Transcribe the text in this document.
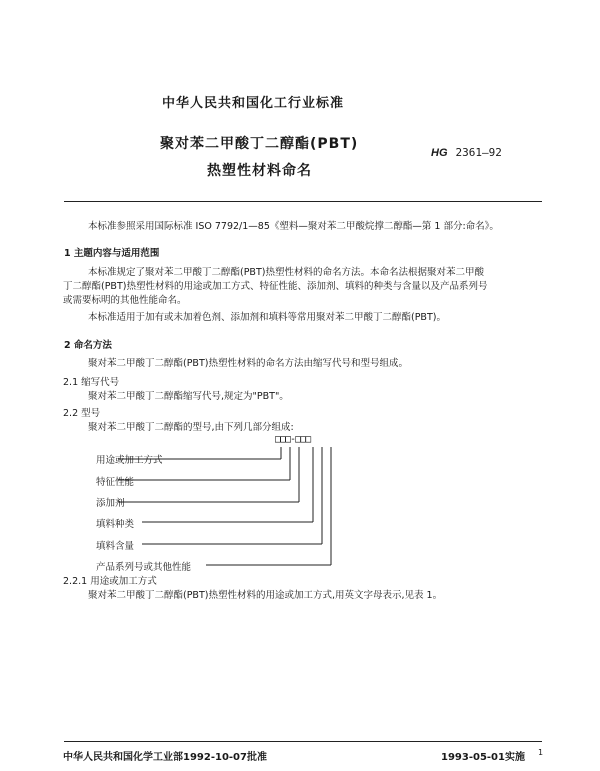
中华人民共和国化工行业标准
聚对苯二甲酸丁二醇酯(PBT)
热塑性材料命名
HG 2361—92
本标准参照采用国际标准 ISO 7792/1—85《塑料—聚对苯二甲酸烷撑二醇酯—第 1 部分:命名》。
1 主题内容与适用范围
本标准规定了聚对苯二甲酸丁二醇酯(PBT)热塑性材料的命名方法。本命名法根据聚对苯二甲酸
丁二醇酯(PBT)热塑性材料的用途或加工方式、特征性能、添加剂、填料的种类与含量以及产品系列号
或需要标明的其他性能命名。
本标准适用于加有或未加着色剂、添加剂和填料等常用聚对苯二甲酸丁二醇酯(PBT)。
2 命名方法
聚对苯二甲酸丁二醇酯(PBT)热塑性材料的命名方法由缩写代号和型号组成。
2.1 缩写代号
聚对苯二甲酸丁二醇酯缩写代号,规定为"PBT"。
2.2 型号
聚对苯二甲酸丁二醇酯的型号,由下列几部分组成:
□□□-□□□
用途或加工方式
特征性能
添加剂
填料种类
填料含量
产品系列号或其他性能
2.2.1 用途或加工方式
聚对苯二甲酸丁二醇酯(PBT)热塑性材料的用途或加工方式,用英文字母表示,见表 1。
中华人民共和国化学工业部1992-10-07批准	1993-05-01实施 1
